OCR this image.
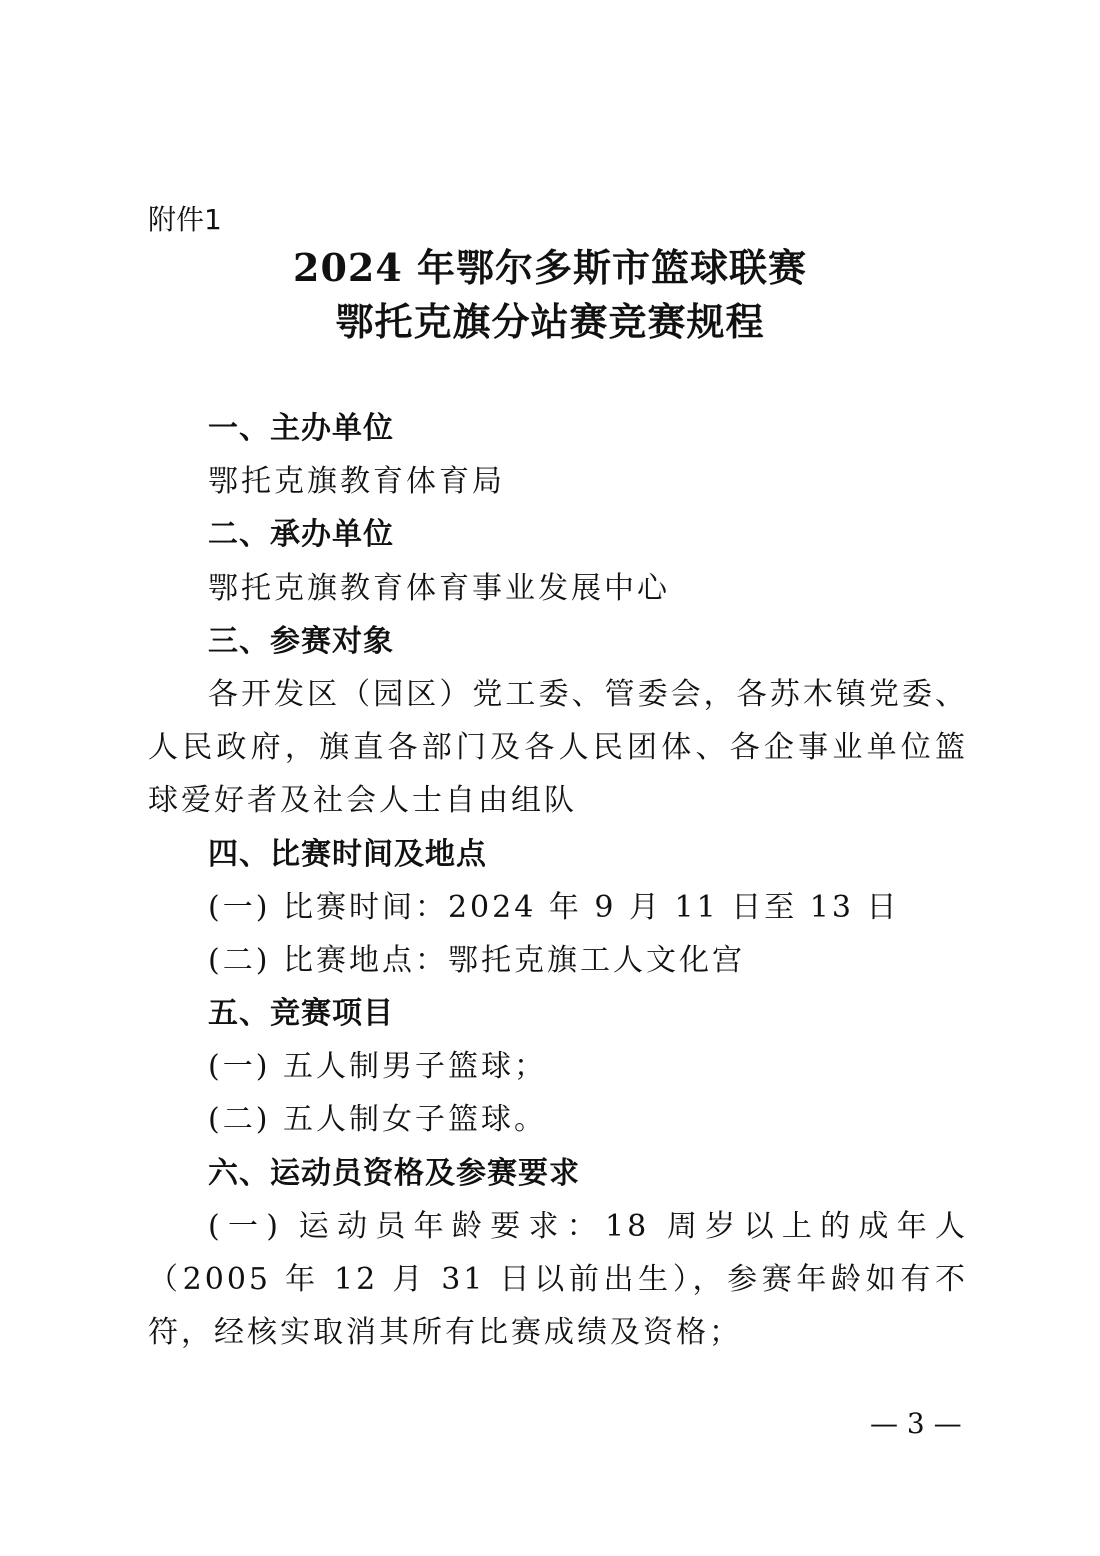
附件1

2024 年鄂尔多斯市篮球联赛
鄂托克旗分站赛竞赛规程

一、主办单位

鄂托克旗教育体育局

二、承办单位

鄂托克旗教育体育事业发展中心

三、参赛对象

各开发区（园区）党工委、管委会，各苏木镇党委、人民政府，旗直各部门及各人民团体、各企事业单位篮球爱好者及社会人士自由组队

四、比赛时间及地点

(一) 比赛时间：2024 年 9 月 11 日至 13 日

(二) 比赛地点：鄂托克旗工人文化宫

五、竞赛项目

(一) 五人制男子篮球；

(二) 五人制女子篮球。

六、运动员资格及参赛要求

(一) 运动员年龄要求：18 周岁以上的成年人（2005 年 12 月 31 日以前出生），参赛年龄如有不符，经核实取消其所有比赛成绩及资格；

— 3 —
